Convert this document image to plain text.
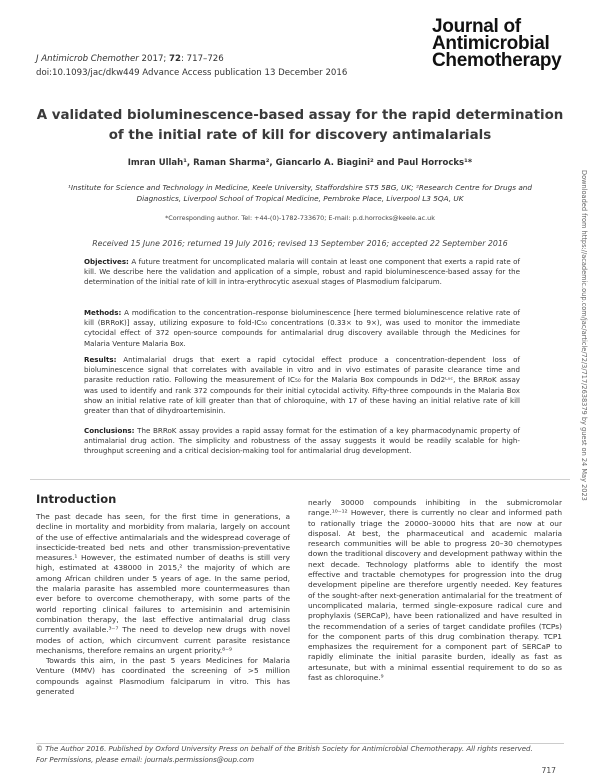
J Antimicrob Chemother 2017; 72: 717–726
doi:10.1093/jac/dkw449 Advance Access publication 13 December 2016
Journal of
Antimicrobial
Chemotherapy
A validated bioluminescence-based assay for the rapid determination of the initial rate of kill for discovery antimalarials
Imran Ullah¹, Raman Sharma², Giancarlo A. Biagini² and Paul Horrocks¹*
¹Institute for Science and Technology in Medicine, Keele University, Staffordshire ST5 5BG, UK; ²Research Centre for Drugs and Diagnostics, Liverpool School of Tropical Medicine, Pembroke Place, Liverpool L3 5QA, UK
*Corresponding author. Tel: +44-(0)-1782-733670; E-mail: p.d.horrocks@keele.ac.uk
Received 15 June 2016; returned 19 July 2016; revised 13 September 2016; accepted 22 September 2016
Objectives: A future treatment for uncomplicated malaria will contain at least one component that exerts a rapid rate of kill. We describe here the validation and application of a simple, robust and rapid bioluminescence-based assay for the determination of the initial rate of kill in intra-erythrocytic asexual stages of Plasmodium falciparum.
Methods: A modification to the concentration–response bioluminescence [here termed bioluminescence relative rate of kill (BRRoK)] assay, utilizing exposure to fold-IC₅₀ concentrations (0.33× to 9×), was used to monitor the immediate cytocidal effect of 372 open-source compounds for antimalarial drug discovery available through the Medicines for Malaria Venture Malaria Box.
Results: Antimalarial drugs that exert a rapid cytocidal effect produce a concentration-dependent loss of bioluminescence signal that correlates with available in vitro and in vivo estimates of parasite clearance time and parasite reduction ratio. Following the measurement of IC₅₀ for the Malaria Box compounds in Dd2ᴸᵘᶜ, the BRRoK assay was used to identify and rank 372 compounds for their initial cytocidal activity. Fifty-three compounds in the Malaria Box show an initial relative rate of kill greater than that of chloroquine, with 17 of these having an initial relative rate of kill greater than that of dihydroartemisinin.
Conclusions: The BRRoK assay provides a rapid assay format for the estimation of a key pharmacodynamic property of antimalarial drug action. The simplicity and robustness of the assay suggests it would be readily scalable for high-throughput screening and a critical decision-making tool for antimalarial drug development.
Introduction

The past decade has seen, for the first time in generations, a decline in mortality and morbidity from malaria, largely on account of the use of effective antimalarials and the widespread coverage of insecticide-treated bed nets and other transmission-preventative measures.¹ However, the estimated number of deaths is still very high, estimated at 438000 in 2015,² the majority of which are among African children under 5 years of age. In the same period, the malaria parasite has assembled more countermeasures than ever before to overcome chemotherapy, with some parts of the world reporting clinical failures to artemisinin and artemisinin combination therapy, the last effective antimalarial drug class currently available.³⁻⁷ The need to develop new drugs with novel modes of action, which circumvent current parasite resistance mechanisms, therefore remains an urgent priority.⁸⁻⁹

Towards this aim, in the past 5 years Medicines for Malaria Venture (MMV) has coordinated the screening of >5 million compounds against Plasmodium falciparum in vitro. This has generated

nearly 30000 compounds inhibiting in the submicromolar range.¹⁰⁻¹² However, there is currently no clear and informed path to rationally triage the 20000–30000 hits that are now at our disposal. At best, the pharmaceutical and academic malaria research communities will be able to progress 20–30 chemotypes down the traditional discovery and development pathway within the next decade. Technology platforms able to identify the most effective and tractable chemotypes for progression into the drug development pipeline are therefore urgently needed. Key features of the sought-after next-generation antimalarial for the treatment of uncomplicated malaria, termed single-exposure radical cure and prophylaxis (SERCaP), have been rationalized and have resulted in the recommendation of a series of target candidate profiles (TCPs) for the component parts of this drug combination therapy. TCP1 emphasizes the requirement for a component part of SERCaP to rapidly eliminate the initial parasite burden, ideally as fast as artesunate, but with a minimal essential requirement to do so as fast as chloroquine.⁹

© The Author 2016. Published by Oxford University Press on behalf of the British Society for Antimicrobial Chemotherapy. All rights reserved.
For Permissions, please email: journals.permissions@oup.com
717
Downloaded from https://academic.oup.com/jac/article/72/3/717/2638379 by guest on 24 May 2023
